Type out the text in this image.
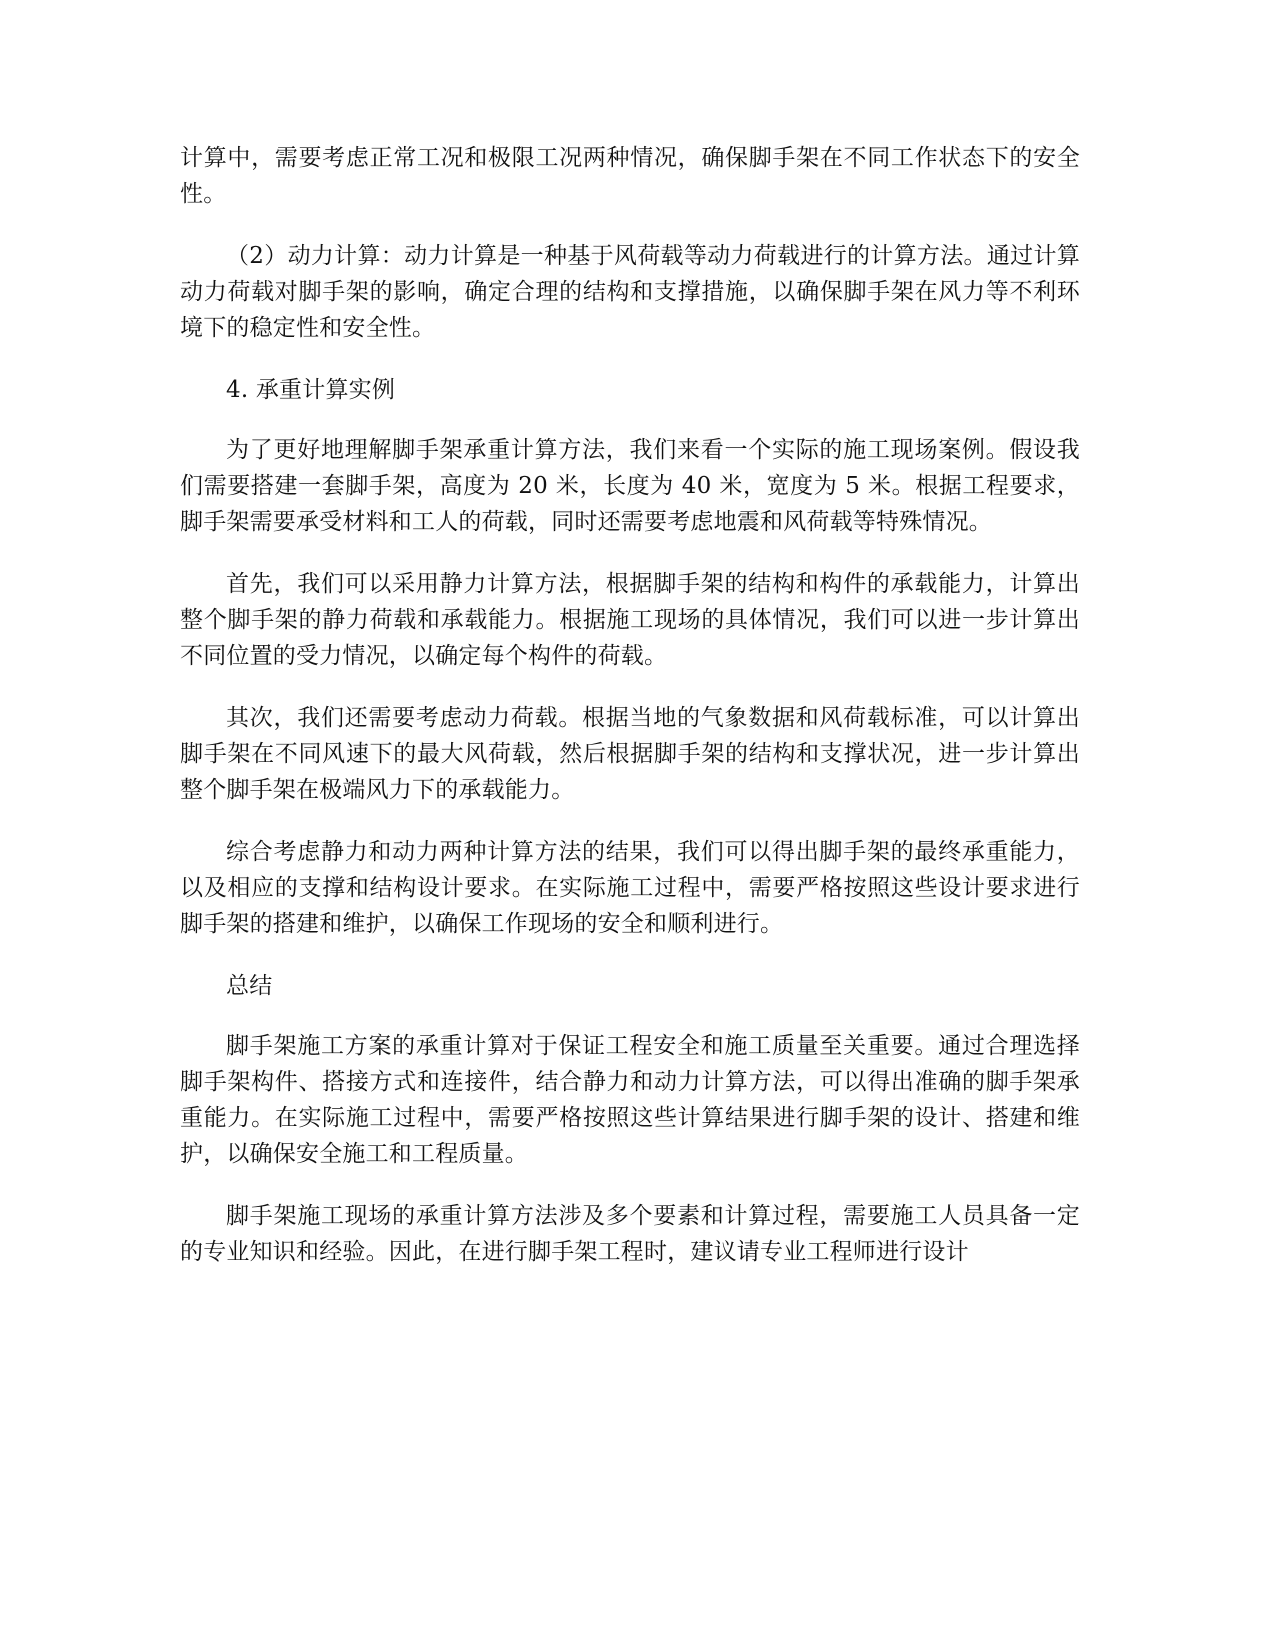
计算中，需要考虑正常工况和极限工况两种情况，确保脚手架在不同工作状态下的安全性。

（2）动力计算：动力计算是一种基于风荷载等动力荷载进行的计算方法。通过计算动力荷载对脚手架的影响，确定合理的结构和支撑措施，以确保脚手架在风力等不利环境下的稳定性和安全性。

4. 承重计算实例

为了更好地理解脚手架承重计算方法，我们来看一个实际的施工现场案例。假设我们需要搭建一套脚手架，高度为 20 米，长度为 40 米，宽度为 5 米。根据工程要求，脚手架需要承受材料和工人的荷载，同时还需要考虑地震和风荷载等特殊情况。

首先，我们可以采用静力计算方法，根据脚手架的结构和构件的承载能力，计算出整个脚手架的静力荷载和承载能力。根据施工现场的具体情况，我们可以进一步计算出不同位置的受力情况，以确定每个构件的荷载。

其次，我们还需要考虑动力荷载。根据当地的气象数据和风荷载标准，可以计算出脚手架在不同风速下的最大风荷载，然后根据脚手架的结构和支撑状况，进一步计算出整个脚手架在极端风力下的承载能力。

综合考虑静力和动力两种计算方法的结果，我们可以得出脚手架的最终承重能力，以及相应的支撑和结构设计要求。在实际施工过程中，需要严格按照这些设计要求进行脚手架的搭建和维护，以确保工作现场的安全和顺利进行。

总结

脚手架施工方案的承重计算对于保证工程安全和施工质量至关重要。通过合理选择脚手架构件、搭接方式和连接件，结合静力和动力计算方法，可以得出准确的脚手架承重能力。在实际施工过程中，需要严格按照这些计算结果进行脚手架的设计、搭建和维护，以确保安全施工和工程质量。

脚手架施工现场的承重计算方法涉及多个要素和计算过程，需要施工人员具备一定的专业知识和经验。因此，在进行脚手架工程时，建议请专业工程师进行设计
